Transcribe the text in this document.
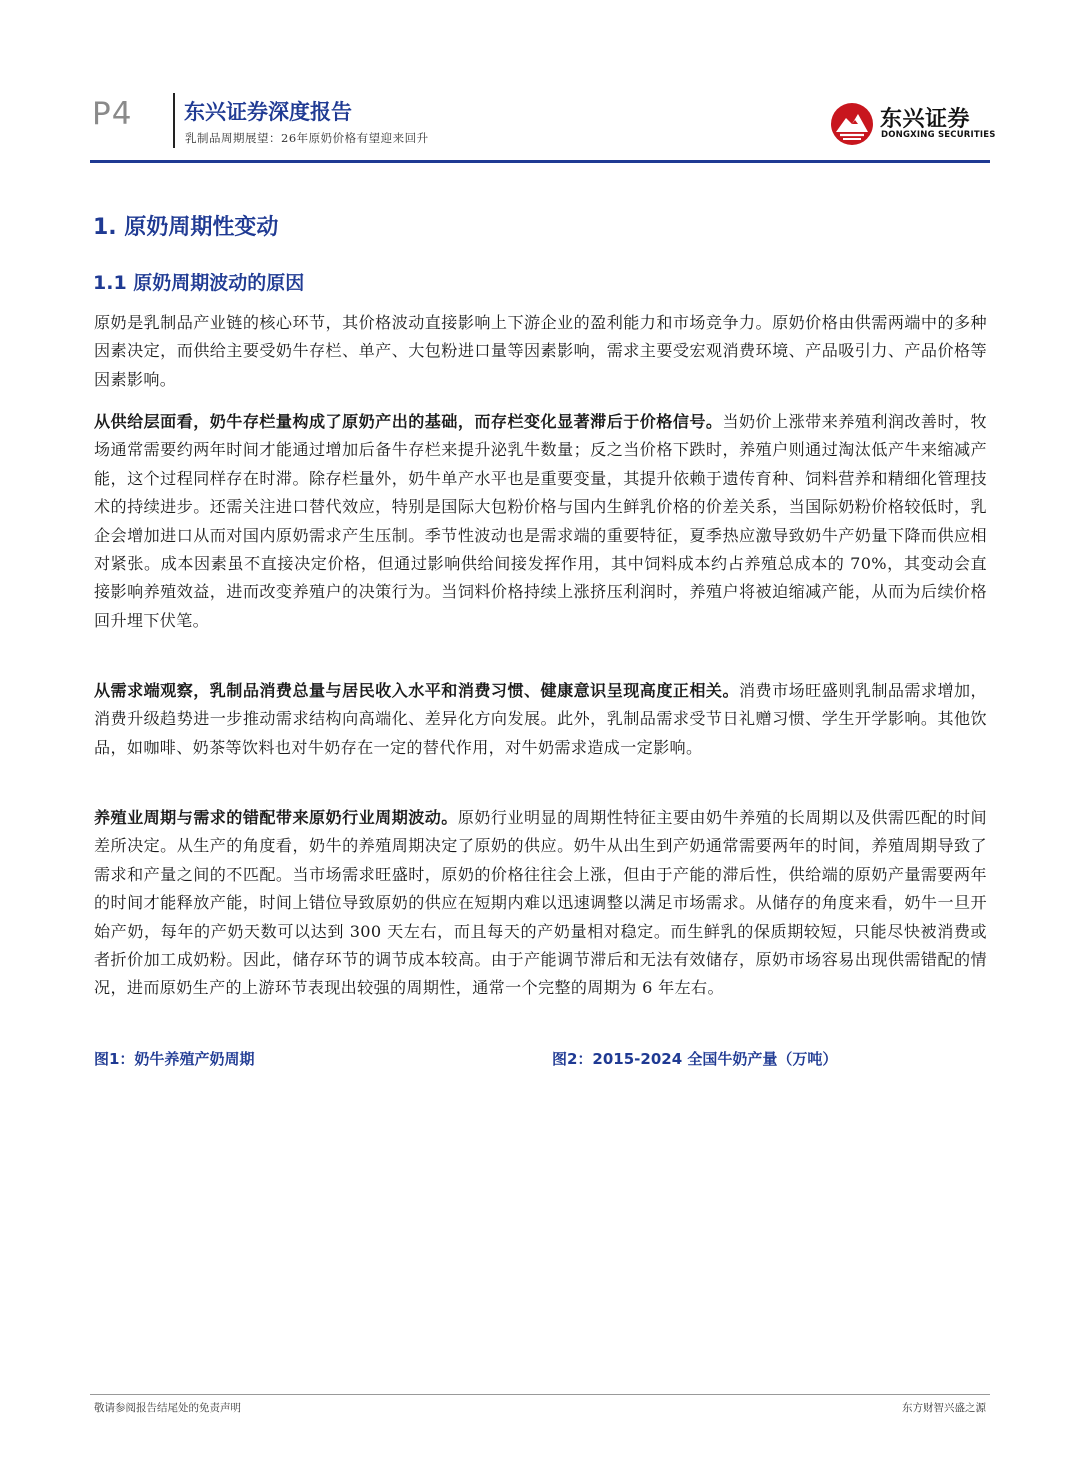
P4 东兴证券深度报告
乳制品周期展望：26年原奶价格有望迎来回升
东兴证券
DONGXING SECURITIES
1. 原奶周期性变动
1.1 原奶周期波动的原因

原奶是乳制品产业链的核心环节，其价格波动直接影响上下游企业的盈利能力和市场竞争力。原奶价格由供需两端中的多种因素决定，而供给主要受奶牛存栏、单产、大包粉进口量等因素影响，需求主要受宏观消费环境、产品吸引力、产品价格等因素影响。

从供给层面看，奶牛存栏量构成了原奶产出的基础，而存栏变化显著滞后于价格信号。当奶价上涨带来养殖利润改善时，牧场通常需要约两年时间才能通过增加后备牛存栏来提升泌乳牛数量；反之当价格下跌时，养殖户则通过淘汰低产牛来缩减产能，这个过程同样存在时滞。除存栏量外，奶牛单产水平也是重要变量，其提升依赖于遗传育种、饲料营养和精细化管理技术的持续进步。还需关注进口替代效应，特别是国际大包粉价格与国内生鲜乳价格的价差关系，当国际奶粉价格较低时，乳企会增加进口从而对国内原奶需求产生压制。季节性波动也是需求端的重要特征，夏季热应激导致奶牛产奶量下降而供应相对紧张。成本因素虽不直接决定价格，但通过影响供给间接发挥作用，其中饲料成本约占养殖总成本的 70%，其变动会直接影响养殖效益，进而改变养殖户的决策行为。当饲料价格持续上涨挤压利润时，养殖户将被迫缩减产能，从而为后续价格回升埋下伏笔。

从需求端观察，乳制品消费总量与居民收入水平和消费习惯、健康意识呈现高度正相关。消费市场旺盛则乳制品需求增加，消费升级趋势进一步推动需求结构向高端化、差异化方向发展。此外，乳制品需求受节日礼赠习惯、学生开学影响。其他饮品，如咖啡、奶茶等饮料也对牛奶存在一定的替代作用，对牛奶需求造成一定影响。

养殖业周期与需求的错配带来原奶行业周期波动。原奶行业明显的周期性特征主要由奶牛养殖的长周期以及供需匹配的时间差所决定。从生产的角度看，奶牛的养殖周期决定了原奶的供应。奶牛从出生到产奶通常需要两年的时间，养殖周期导致了需求和产量之间的不匹配。当市场需求旺盛时，原奶的价格往往会上涨，但由于产能的滞后性，供给端的原奶产量需要两年的时间才能释放产能，时间上错位导致原奶的供应在短期内难以迅速调整以满足市场需求。从储存的角度来看，奶牛一旦开始产奶，每年的产奶天数可以达到 300 天左右，而且每天的产奶量相对稳定。而生鲜乳的保质期较短，只能尽快被消费或者折价加工成奶粉。因此，储存环节的调节成本较高。由于产能调节滞后和无法有效储存，原奶市场容易出现供需错配的情况，进而原奶生产的上游环节表现出较强的周期性，通常一个完整的周期为 6 年左右。

图1：奶牛养殖产奶周期	图2：2015-2024 全国牛奶产量（万吨）
敬请参阅报告结尾处的免责声明	东方财智兴盛之源
